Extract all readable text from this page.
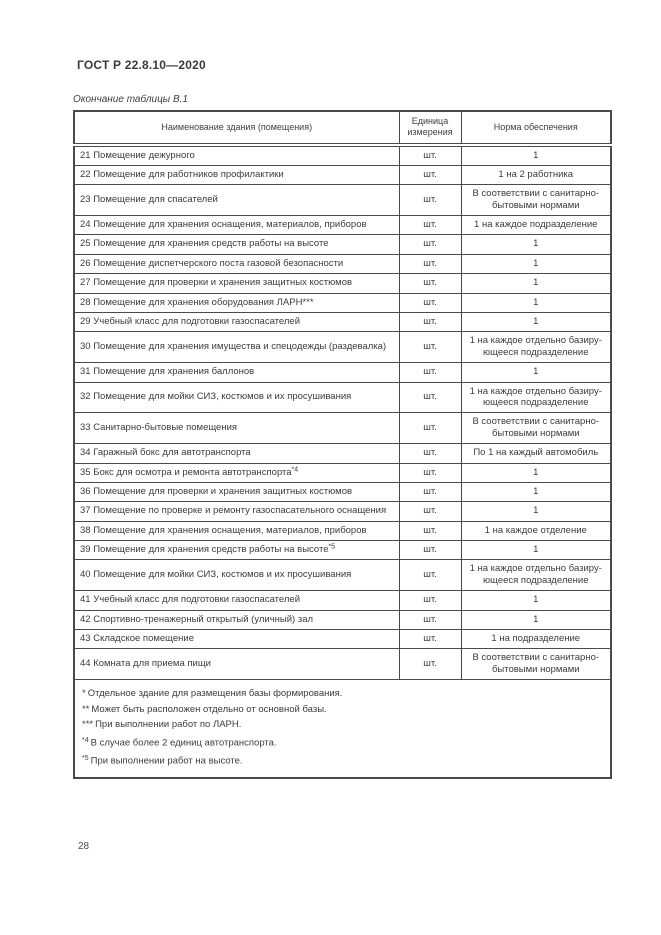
ГОСТ Р 22.8.10—2020
Окончание таблицы В.1
Наименование здания (помещения)	Единица измерения	Норма обеспечения
21 Помещение дежурного	шт.	1
22 Помещение для работников профилактики	шт.	1 на 2 работника
23 Помещение для спасателей	шт.	В соответствии с санитарно-бытовыми нормами
24 Помещение для хранения оснащения, материалов, приборов	шт.	1 на каждое подразделение
25 Помещение для хранения средств работы на высоте	шт.	1
26 Помещение диспетчерского поста газовой безопасности	шт.	1
27 Помещение для проверки и хранения защитных костюмов	шт.	1
28 Помещение для хранения оборудования ЛАРН***	шт.	1
29 Учебный класс для подготовки газоспасателей	шт.	1
30 Помещение для хранения имущества и спецодежды (раздевалка)	шт.	1 на каждое отдельно базирующееся подразделение
31 Помещение для хранения баллонов	шт.	1
32 Помещение для мойки СИЗ, костюмов и их просушивания	шт.	1 на каждое отдельно базирующееся подразделение
33 Санитарно-бытовые помещения	шт.	В соответствии с санитарно-бытовыми нормами
34 Гаражный бокс для автотранспорта	шт.	По 1 на каждый автомобиль
35 Бокс для осмотра и ремонта автотранспорта$^{*4}$	шт.	1
36 Помещение для проверки и хранения защитных костюмов	шт.	1
37 Помещение по проверке и ремонту газоспасательного оснащения	шт.	1
38 Помещение для хранения оснащения, материалов, приборов	шт.	1 на каждое отделение
39 Помещение для хранения средств работы на высоте$^{*5}$	шт.	1
40 Помещение для мойки СИЗ, костюмов и их просушивания	шт.	1 на каждое отдельно базирующееся подразделение
41 Учебный класс для подготовки газоспасателей	шт.	1
42 Спортивно-тренажерный открытый (уличный) зал	шт.	1
43 Складское помещение	шт.	1 на подразделение
44 Комната для приема пищи	шт.	В соответствии с санитарно-бытовыми нормами

* Отдельное здание для размещения базы формирования.
** Может быть расположен отдельно от основной базы.
*** При выполнении работ по ЛАРН.
$^{*4}$ В случае более 2 единиц автотранспорта.
$^{*5}$ При выполнении работ на высоте.		
28
